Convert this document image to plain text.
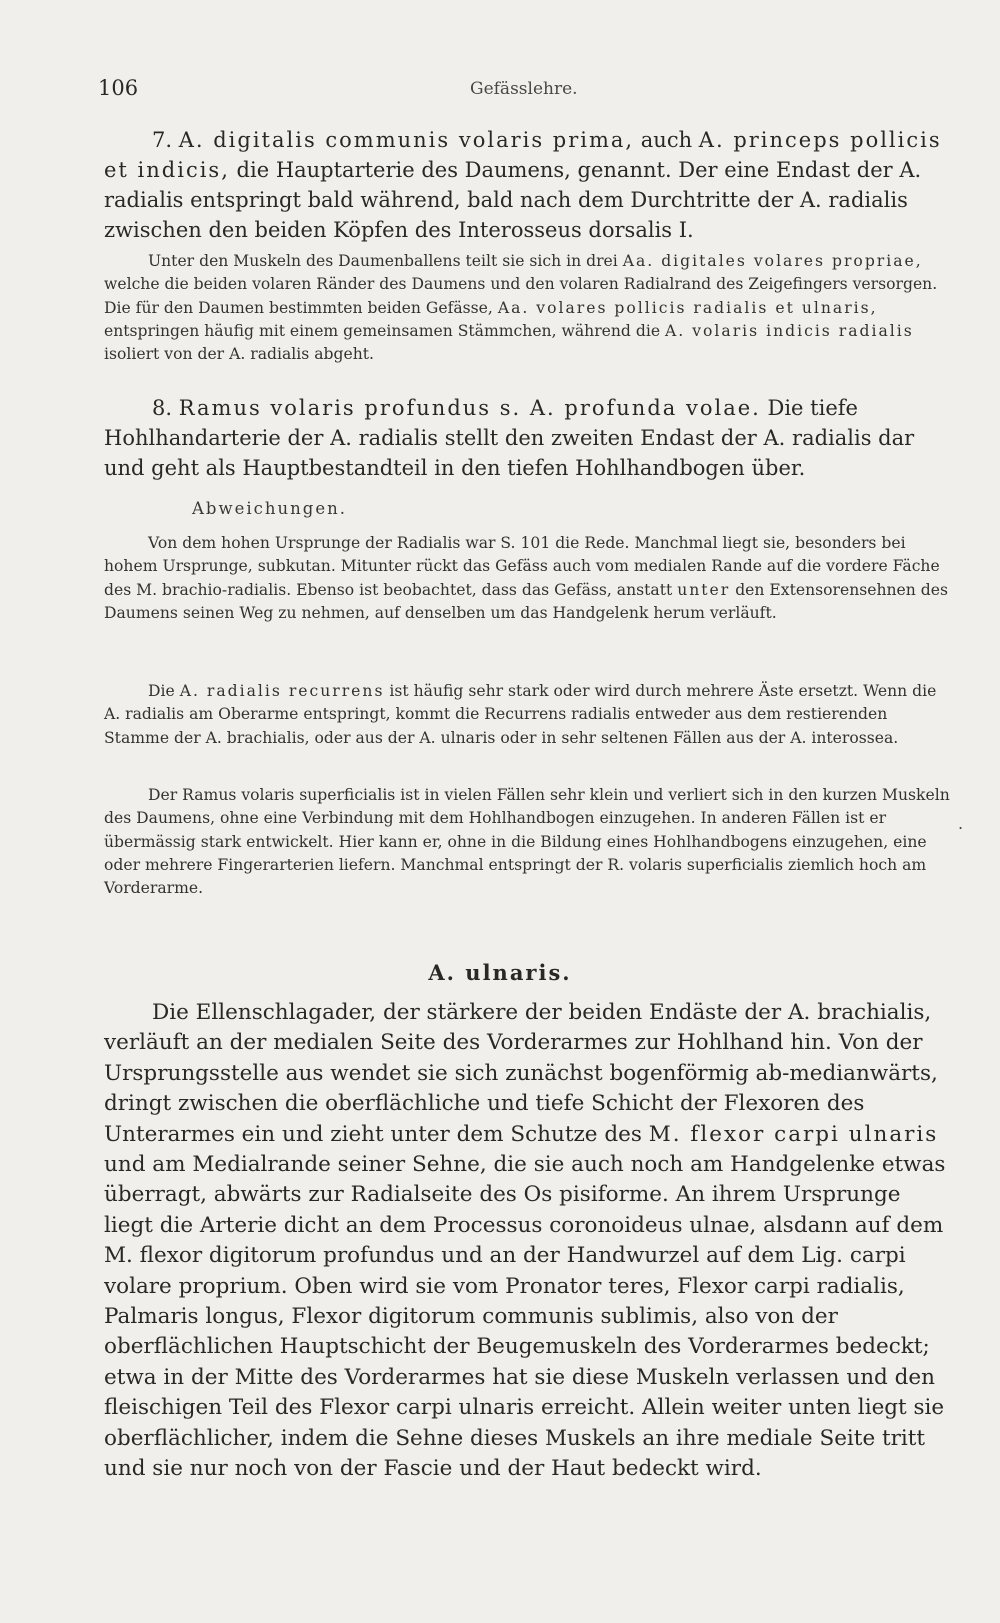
106	Gefässlehre.

7. A. digitalis communis volaris prima, auch A. princeps pollicis et indicis, die Hauptarterie des Daumens, genannt. Der eine Endast der A. radialis entspringt bald während, bald nach dem Durchtritte der A. radialis zwischen den beiden Köpfen des Interosseus dorsalis I.

Unter den Muskeln des Daumenballens teilt sie sich in drei Aa. digitales volares propriae, welche die beiden volaren Ränder des Daumens und den volaren Radialrand des Zeigefingers versorgen. Die für den Daumen bestimmten beiden Gefässe, Aa. volares pollicis radialis et ulnaris, entspringen häufig mit einem gemeinsamen Stämmchen, während die A. volaris indicis radialis isoliert von der A. radialis abgeht.

8. Ramus volaris profundus s. A. profunda volae. Die tiefe Hohlhandarterie der A. radialis stellt den zweiten Endast der A. radialis dar und geht als Hauptbestandteil in den tiefen Hohlhandbogen über.

Abweichungen.

Von dem hohen Ursprunge der Radialis war S. 101 die Rede. Manchmal liegt sie, besonders bei hohem Ursprunge, subkutan. Mitunter rückt das Gefäss auch vom medialen Rande auf die vordere Fäche des M. brachio-radialis. Ebenso ist beobachtet, dass das Gefäss, anstatt unter den Extensorensehnen des Daumens seinen Weg zu nehmen, auf denselben um das Handgelenk herum verläuft.

Die A. radialis recurrens ist häufig sehr stark oder wird durch mehrere Äste ersetzt. Wenn die A. radialis am Oberarme entspringt, kommt die Recurrens radialis entweder aus dem restierenden Stamme der A. brachialis, oder aus der A. ulnaris oder in sehr seltenen Fällen aus der A. interossea.

Der Ramus volaris superficialis ist in vielen Fällen sehr klein und verliert sich in den kurzen Muskeln des Daumens, ohne eine Verbindung mit dem Hohlhandbogen einzugehen. In anderen Fällen ist er übermässig stark entwickelt. Hier kann er, ohne in die Bildung eines Hohlhandbogens einzugehen, eine oder mehrere Fingerarterien liefern. Manchmal entspringt der R. volaris superficialis ziemlich hoch am Vorderarme.

.
A. ulnaris.

Die Ellenschlagader, der stärkere der beiden Endäste der A. brachialis, verläuft an der medialen Seite des Vorderarmes zur Hohlhand hin. Von der Ursprungsstelle aus wendet sie sich zunächst bogenförmig ab-medianwärts, dringt zwischen die oberflächliche und tiefe Schicht der Flexoren des Unterarmes ein und zieht unter dem Schutze des M. flexor carpi ulnaris und am Medialrande seiner Sehne, die sie auch noch am Handgelenke etwas überragt, abwärts zur Radialseite des Os pisiforme. An ihrem Ursprunge liegt die Arterie dicht an dem Processus coronoideus ulnae, alsdann auf dem M. flexor digitorum profundus und an der Handwurzel auf dem Lig. carpi volare proprium. Oben wird sie vom Pronator teres, Flexor carpi radialis, Palmaris longus, Flexor digitorum communis sublimis, also von der oberflächlichen Hauptschicht der Beugemuskeln des Vorderarmes bedeckt; etwa in der Mitte des Vorderarmes hat sie diese Muskeln verlassen und den fleischigen Teil des Flexor carpi ulnaris erreicht. Allein weiter unten liegt sie oberflächlicher, indem die Sehne dieses Muskels an ihre mediale Seite tritt und sie nur noch von der Fascie und der Haut bedeckt wird.
